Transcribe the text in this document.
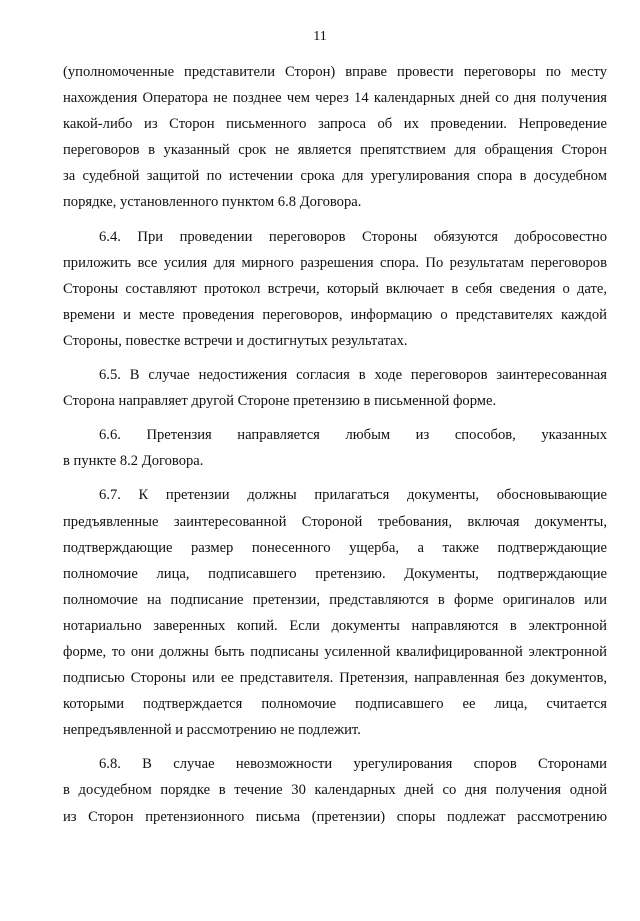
11
(уполномоченные представители Сторон) вправе провести переговоры по месту
нахождения Оператора не позднее чем через 14 календарных дней со дня получения
какой-либо из Сторон письменного запроса об их проведении. Непроведение
переговоров в указанный срок не является препятствием для обращения Сторон
за судебной защитой по истечении срока для урегулирования спора в досудебном
порядке, установленного пунктом 6.8 Договора.
6.4. При проведении переговоров Стороны обязуются добросовестно
приложить все усилия для мирного разрешения спора. По результатам переговоров
Стороны составляют протокол встречи, который включает в себя сведения о дате,
времени и месте проведения переговоров, информацию о представителях каждой
Стороны, повестке встречи и достигнутых результатах.
6.5. В случае недостижения согласия в ходе переговоров заинтересованная
Сторона направляет другой Стороне претензию в письменной форме.
6.6. Претензия направляется любым из способов, указанных
в пункте 8.2 Договора.
6.7. К претензии должны прилагаться документы, обосновывающие
предъявленные заинтересованной Стороной требования, включая документы,
подтверждающие размер понесенного ущерба, а также подтверждающие
полномочие лица, подписавшего претензию. Документы, подтверждающие
полномочие на подписание претензии, представляются в форме оригиналов или
нотариально заверенных копий. Если документы направляются в электронной
форме, то они должны быть подписаны усиленной квалифицированной электронной
подписью Стороны или ее представителя. Претензия, направленная без документов,
которыми подтверждается полномочие подписавшего ее лица, считается
непредъявленной и рассмотрению не подлежит.
6.8. В случае невозможности урегулирования споров Сторонами
в досудебном порядке в течение 30 календарных дней со дня получения одной
из Сторон претензионного письма (претензии) споры подлежат рассмотрению
